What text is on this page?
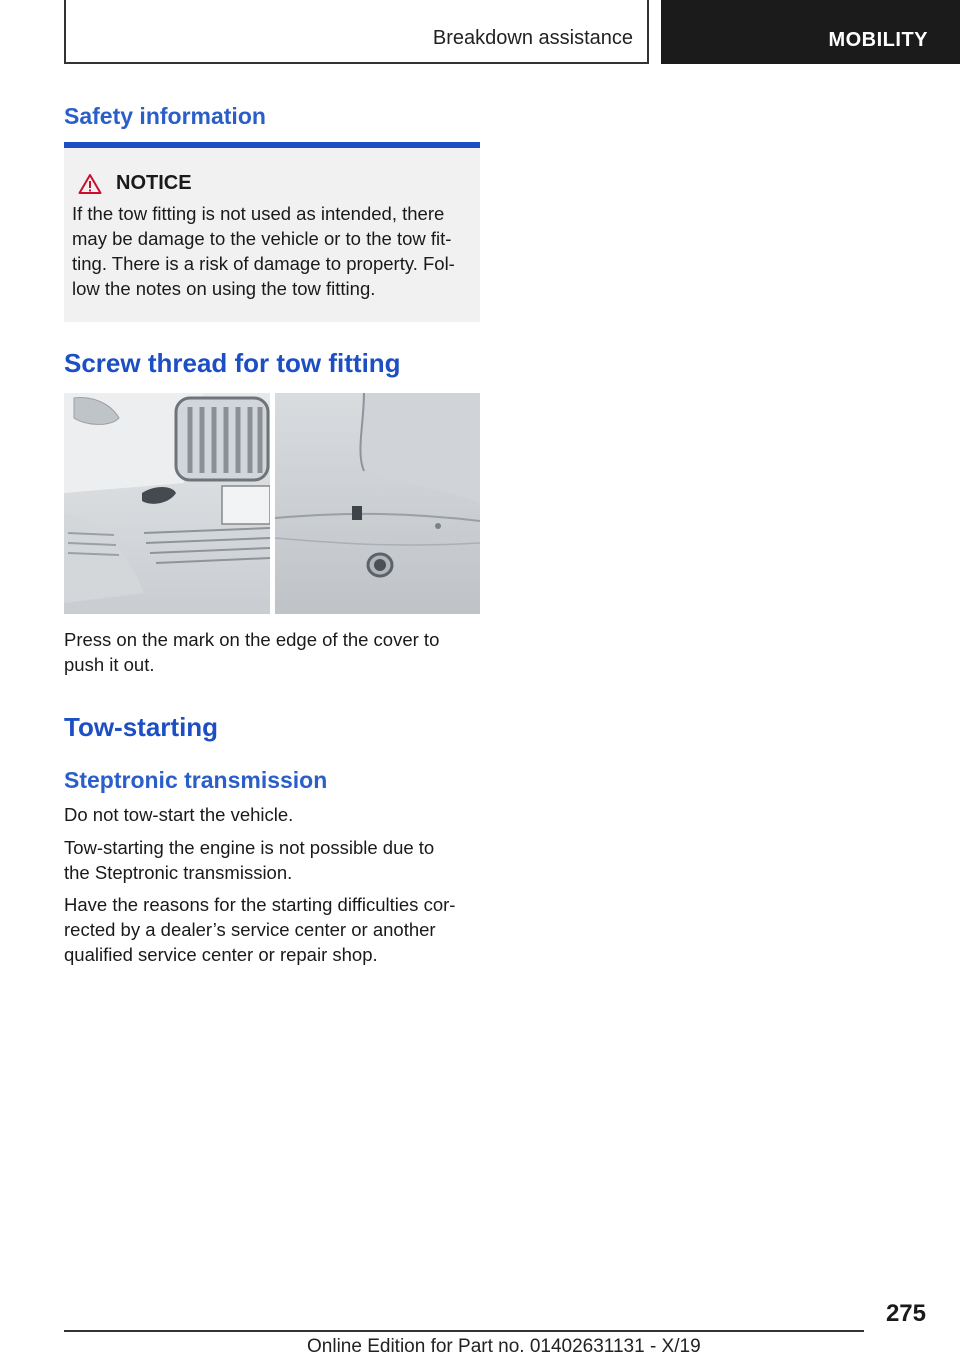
Breakdown assistance	MOBILITY
Safety information
NOTICE

If the tow fitting is not used as intended, there
may be damage to the vehicle or to the tow fit‐
ting. There is a risk of damage to property. Fol‐
low the notes on using the tow fitting.

Screw thread for tow fitting

Press on the mark on the edge of the cover to
push it out.

Tow-starting
Steptronic transmission

Do not tow-start the vehicle.

Tow-starting the engine is not possible due to
the Steptronic transmission.

Have the reasons for the starting difficulties cor‐
rected by a dealer’s service center or another
qualified service center or repair shop.

275
Online Edition for Part no. 01402631131 - X/19
